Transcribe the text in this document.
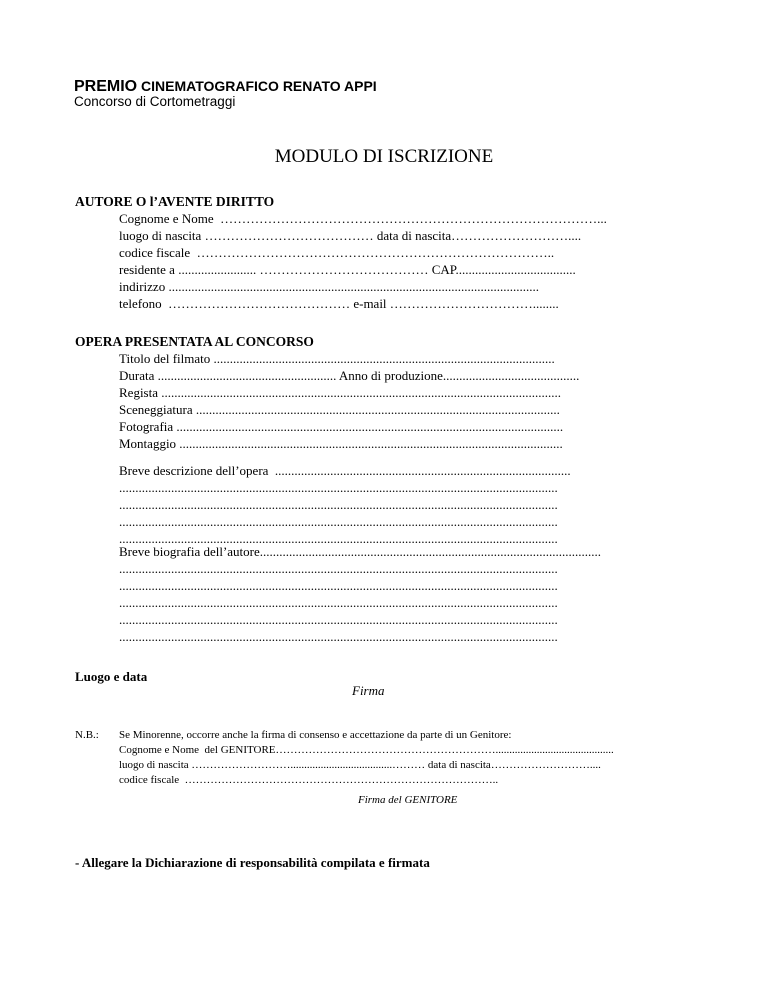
PREMIO CINEMATOGRAFICO RENATO APPI
Concorso di Cortometraggi
MODULO DI ISCRIZIONE
AUTORE O l’AVENTE DIRITTO
Cognome e Nome  ……………………………………………………………………………...
luogo di nascita ………………………………… data di nascita………………………....
codice fiscale  ………………………………………………………………………..
residente a ........................ ………………………………… CAP.....................................
indirizzo ..................................................................................................................
telefono  …………………………………… e-mail ……………………………........
OPERA PRESENTATA AL CONCORSO
Titolo del filmato .........................................................................................................
Durata ....................................................... Anno di produzione..........................................
Regista ...........................................................................................................................
Sceneggiatura ................................................................................................................
Fotografia .......................................................................................................................
Montaggio ......................................................................................................................
Breve descrizione dell’opera  ...........................................................................................
.......................................................................................................................................
.......................................................................................................................................
.......................................................................................................................................
.......................................................................................................................................
Breve biografia dell’autore.........................................................................................................
.......................................................................................................................................
.......................................................................................................................................
.......................................................................................................................................
.......................................................................................................................................
.......................................................................................................................................
Luogo e data
Firma
N.B.: Se Minorenne, occorre anche la firma di consenso e accettazione da parte di un Genitore:
Cognome e Nome  del GENITORE……………………………………………………...........................................
luogo di nascita ……………………….....................................……… data di nascita………………………....
codice fiscale  …………………………………………………………………………..
Firma del GENITORE
- Allegare la Dichiarazione di responsabilità compilata e firmata
